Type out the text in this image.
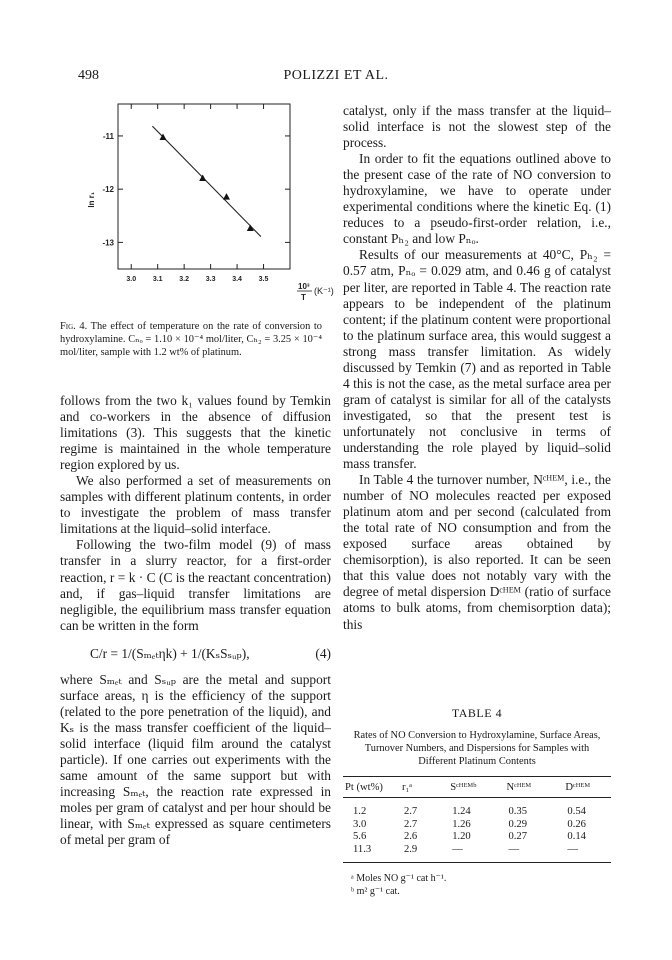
498	POLIZZI ET AL.
-11
-12
-13
3.0 3.1 3.2 3.3 3.4 3.5
ln r₁
10³
T
(K⁻¹)
Fig. 4. The effect of temperature on the rate of conversion to hydroxylamine. Cₙₒ = 1.10 × 10⁻⁴ mol/liter, Cₕ₂ = 3.25 × 10⁻⁴ mol/liter, sample with 1.2 wt% of platinum.

follows from the two k₁ values found by Temkin and co-workers in the absence of diffusion limitations (3). This suggests that the kinetic regime is maintained in the whole temperature region explored by us.

We also performed a set of measurements on samples with different platinum contents, in order to investigate the problem of mass transfer limitations at the liquid–solid interface.

Following the two-film model (9) of mass transfer in a slurry reactor, for a first-order reaction, r = k · C (C is the reactant concentration) and, if gas–liquid transfer limitations are negligible, the equilibrium mass transfer equation can be written in the form

C/r = 1/(Sₘₑₜηk) + 1/(KₛSₛᵤₚ),	(4)

where Sₘₑₜ and Sₛᵤₚ are the metal and support surface areas, η is the efficiency of the support (related to the pore penetration of the liquid), and Kₛ is the mass transfer coefficient of the liquid–solid interface (liquid film around the catalyst particle). If one carries out experiments with the same amount of the same support but with increasing Sₘₑₜ, the reaction rate expressed in moles per gram of catalyst and per hour should be linear, with Sₘₑₜ expressed as square centimeters of metal per gram of

catalyst, only if the mass transfer at the liquid–solid interface is not the slowest step of the process.

In order to fit the equations outlined above to the present case of the rate of NO conversion to hydroxylamine, we have to operate under experimental conditions where the kinetic Eq. (1) reduces to a pseudo-first-order relation, i.e., constant Pₕ₂ and low Pₙₒ.

Results of our measurements at 40°C, Pₕ₂ = 0.57 atm, Pₙₒ = 0.029 atm, and 0.46 g of catalyst per liter, are reported in Table 4. The reaction rate appears to be independent of the platinum content; if the platinum content were proportional to the platinum surface area, this would suggest a strong mass transfer limitation. As widely discussed by Temkin (7) and as reported in Table 4 this is not the case, as the metal surface area per gram of catalyst is similar for all of the catalysts investigated, so that the present test is unfortunately not conclusive in terms of understanding the role played by liquid–solid mass transfer.

In Table 4 the turnover number, Nᶜᴴᴱᴹ, i.e., the number of NO molecules reacted per exposed platinum atom and per second (calculated from the total rate of NO consumption and from the exposed surface areas obtained by chemisorption), is also reported. It can be seen that this value does not notably vary with the degree of metal dispersion Dᶜᴴᴱᴹ (ratio of surface atoms to bulk atoms, from chemisorption data); this

TABLE 4
Rates of NO Conversion to Hydroxylamine, Surface Areas, Turnover Numbers, and Dispersions for Samples with Different Platinum Contents
Pt (wt%)	r₁ᵃ	Sᶜᴴᴱᴹᵇ	Nᶜᴴᴱᴹ	Dᶜᴴᴱᴹ
1.2	2.7	1.24	0.35	0.54
3.0	2.7	1.26	0.29	0.26
5.6	2.6	1.20	0.27	0.14
11.3	2.9	—	—	—
ᵃ Moles NO g⁻¹ cat h⁻¹.
ᵇ m² g⁻¹ cat.
